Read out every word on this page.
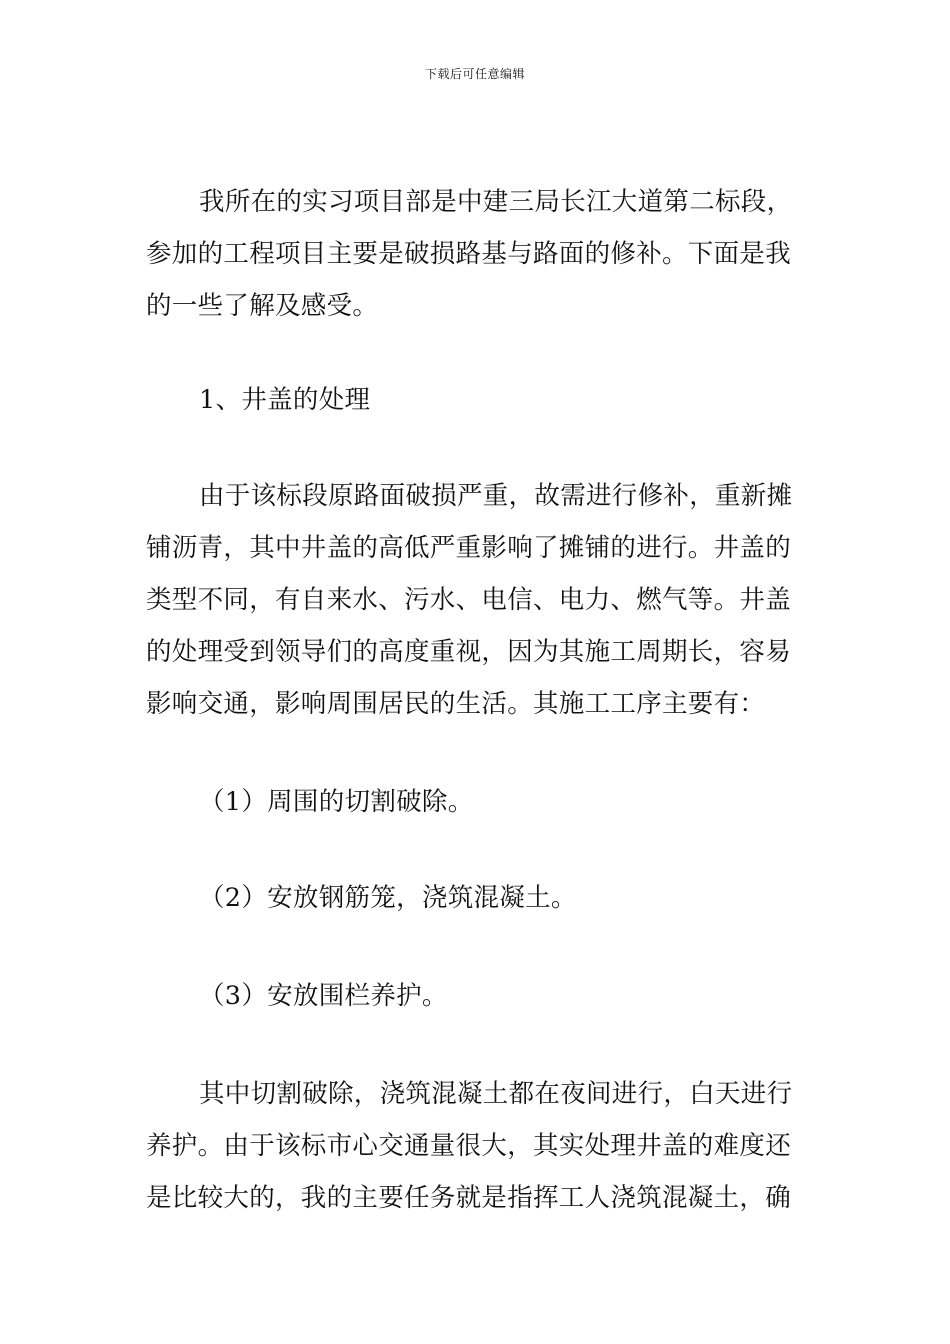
下载后可任意编辑
我所在的实习项目部是中建三局长江大道第二标段，
参加的工程项目主要是破损路基与路面的修补。下面是我
的一些了解及感受。
1、井盖的处理
由于该标段原路面破损严重，故需进行修补，重新摊
铺沥青，其中井盖的高低严重影响了摊铺的进行。井盖的
类型不同，有自来水、污水、电信、电力、燃气等。井盖
的处理受到领导们的高度重视，因为其施工周期长，容易
影响交通，影响周围居民的生活。其施工工序主要有：
（1）周围的切割破除。
（2）安放钢筋笼，浇筑混凝土。
（3）安放围栏养护。
其中切割破除，浇筑混凝土都在夜间进行，白天进行
养护。由于该标市心交通量很大，其实处理井盖的难度还
是比较大的，我的主要任务就是指挥工人浇筑混凝土，确
